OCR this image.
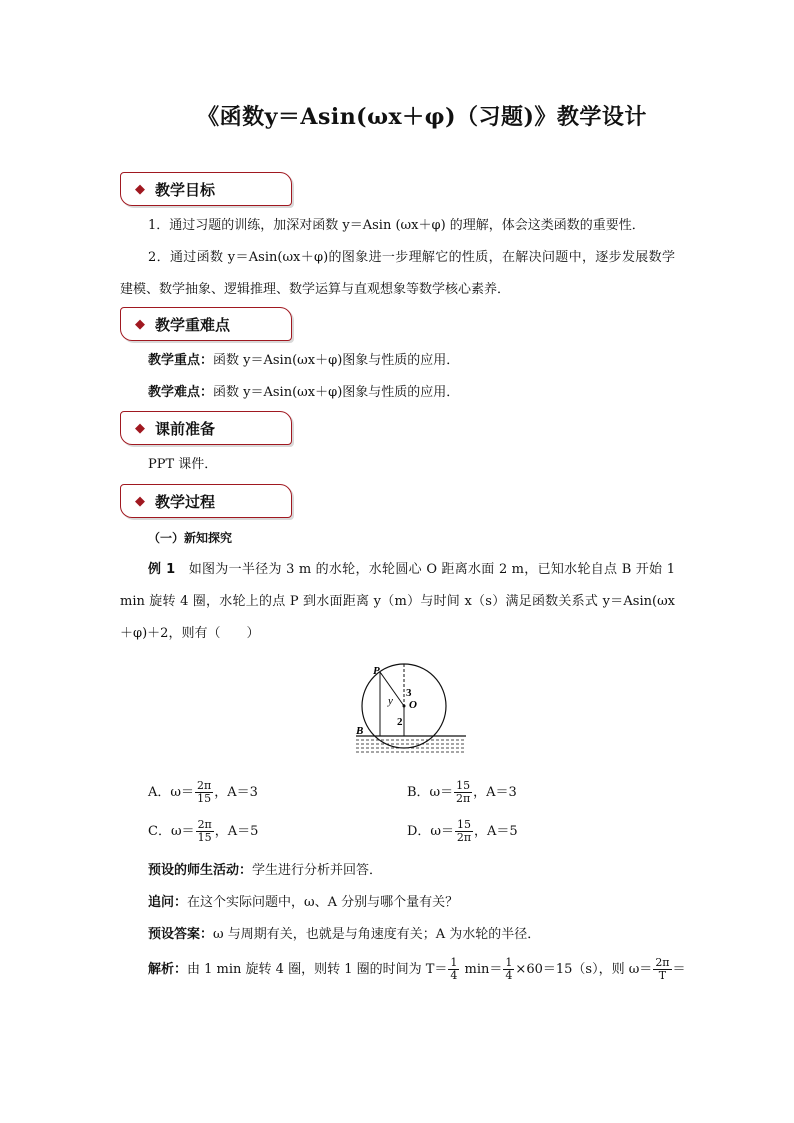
《函数y＝Asin(ωx＋φ)（习题)》教学设计
◆ 教学目标
1．通过习题的训练，加深对函数 y＝Asin (ωx＋φ) 的理解，体会这类函数的重要性．
2．通过函数 y＝Asin(ωx＋φ)的图象进一步理解它的性质，在解决问题中，逐步发展数学建模、数学抽象、逻辑推理、数学运算与直观想象等数学核心素养．
◆ 教学重难点
教学重点：函数 y＝Asin(ωx＋φ)图象与性质的应用．
教学难点：函数 y＝Asin(ωx＋φ)图象与性质的应用．
◆ 课前准备
PPT 课件．
◆ 教学过程
（一）新知探究
例 1　 如图为一半径为 3 m 的水轮，水轮圆心 O 距离水面 2 m，已知水轮自点 B 开始 1 min 旋转 4 圈，水轮上的点 P 到水面距离 y（m）与时间 x（s）满足函数关系式 y＝Asin(ωx＋φ)＋2，则有（　　）
P
y O
3
2
B
A．$\omega= \frac{2\pi}{15}$ ，A＝3	B．$\omega= \frac{15}{2\pi}$ ，A＝3
C．$\omega= \frac{2\pi}{15}$ ，A＝5	D．$\omega= \frac{15}{2\pi}$ ，A＝5
预设的师生活动：学生进行分析并回答．
追问：在这个实际问题中，ω、A 分别与哪个量有关？
预设答案：ω 与周期有关，也就是与角速度有关；A 为水轮的半径．
解析：由 1 min 旋转 4 圈，则转 1 圈的时间为 $T= \frac{1}{4} \min= \frac{1}{4} \times 60=15(s)$，则 $\omega= \frac{2\pi}{T}$ ＝
